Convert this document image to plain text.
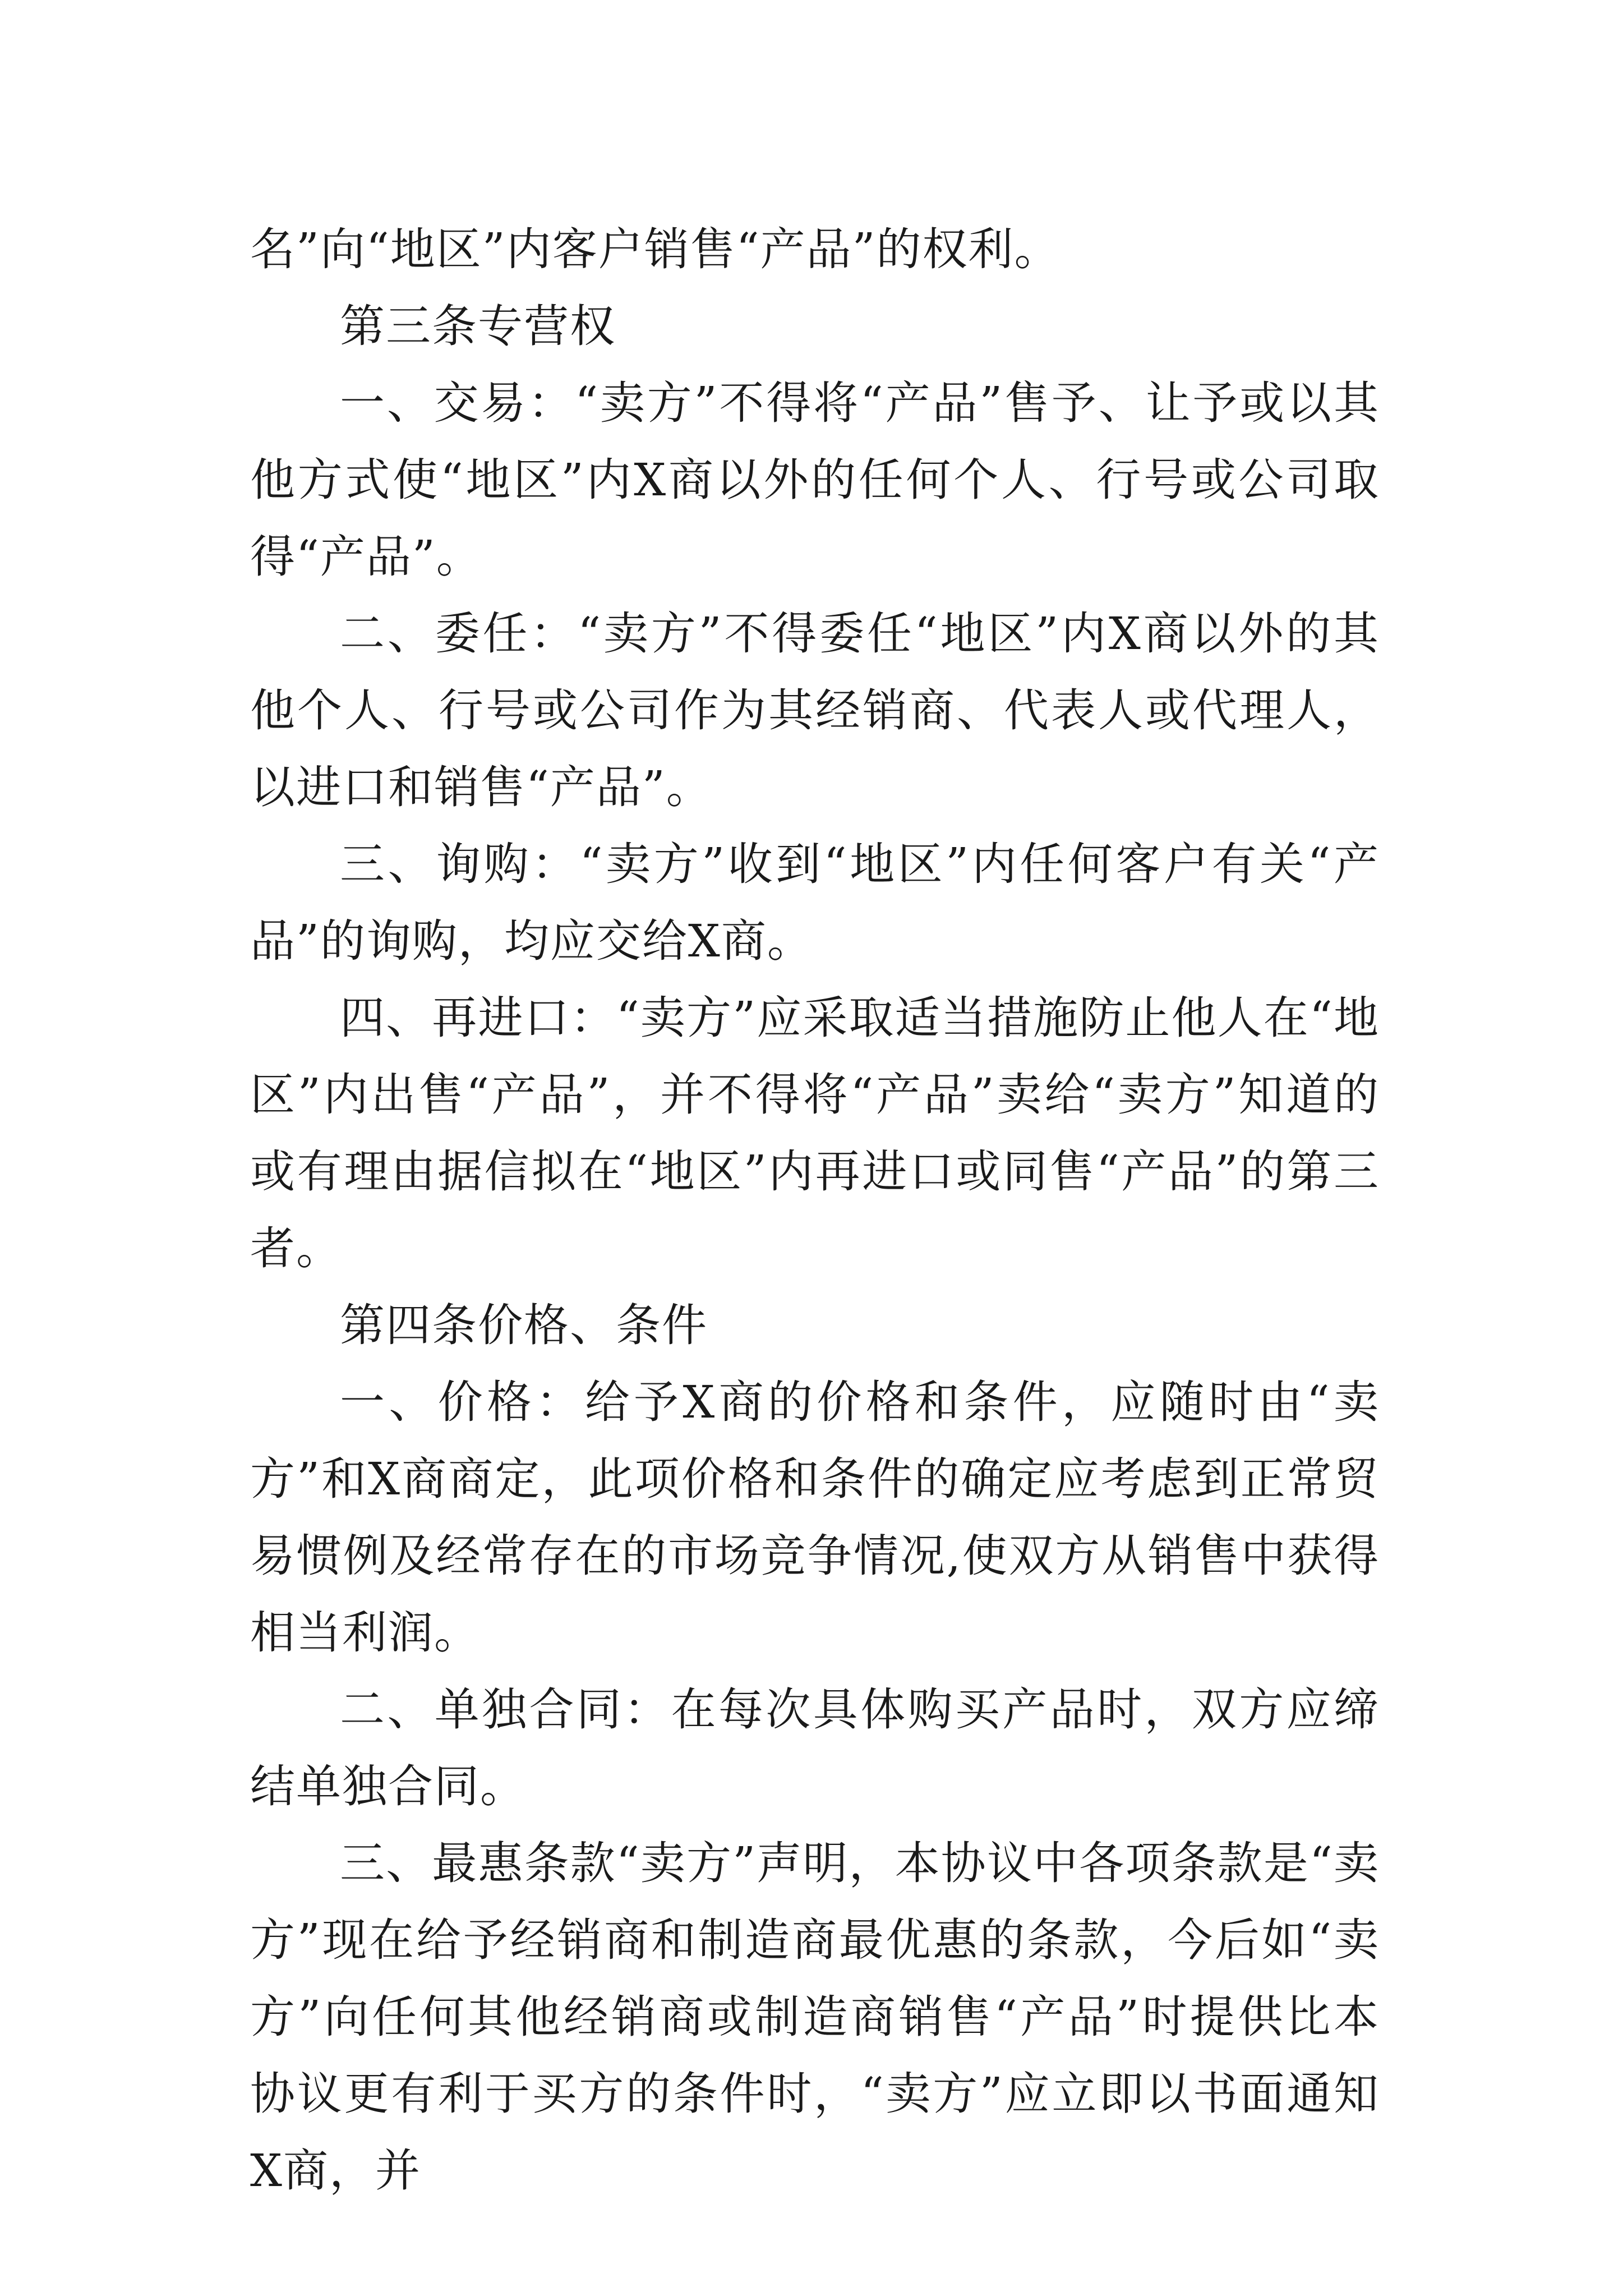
名”向“地区”内客户销售“产品”的权利。

第三条专营权

一、交易：“卖方”不得将“产品”售予、让予或以其他方式使“地区”内X商以外的任何个人、行号或公司取得“产品”。

二、委任：“卖方”不得委任“地区”内X商以外的其他个人、行号或公司作为其经销商、代表人或代理人，以进口和销售“产品”。

三、询购：“卖方”收到“地区”内任何客户有关“产品”的询购，均应交给X商。

四、再进口：“卖方”应采取适当措施防止他人在“地区”内出售“产品”，并不得将“产品”卖给“卖方”知道的或有理由据信拟在“地区”内再进口或同售“产品”的第三者。

第四条价格、条件

一、价格：给予X商的价格和条件，应随时由“卖方”和X商商定，此项价格和条件的确定应考虑到正常贸易惯例及经常存在的市场竞争情况,使双方从销售中获得相当利润。

二、单独合同：在每次具体购买产品时，双方应缔结单独合同。

三、最惠条款“卖方”声明，本协议中各项条款是“卖方”现在给予经销商和制造商最优惠的条款，今后如“卖方”向任何其他经销商或制造商销售“产品”时提供比本协议更有利于买方的条件时，“卖方”应立即以书面通知X商，并
